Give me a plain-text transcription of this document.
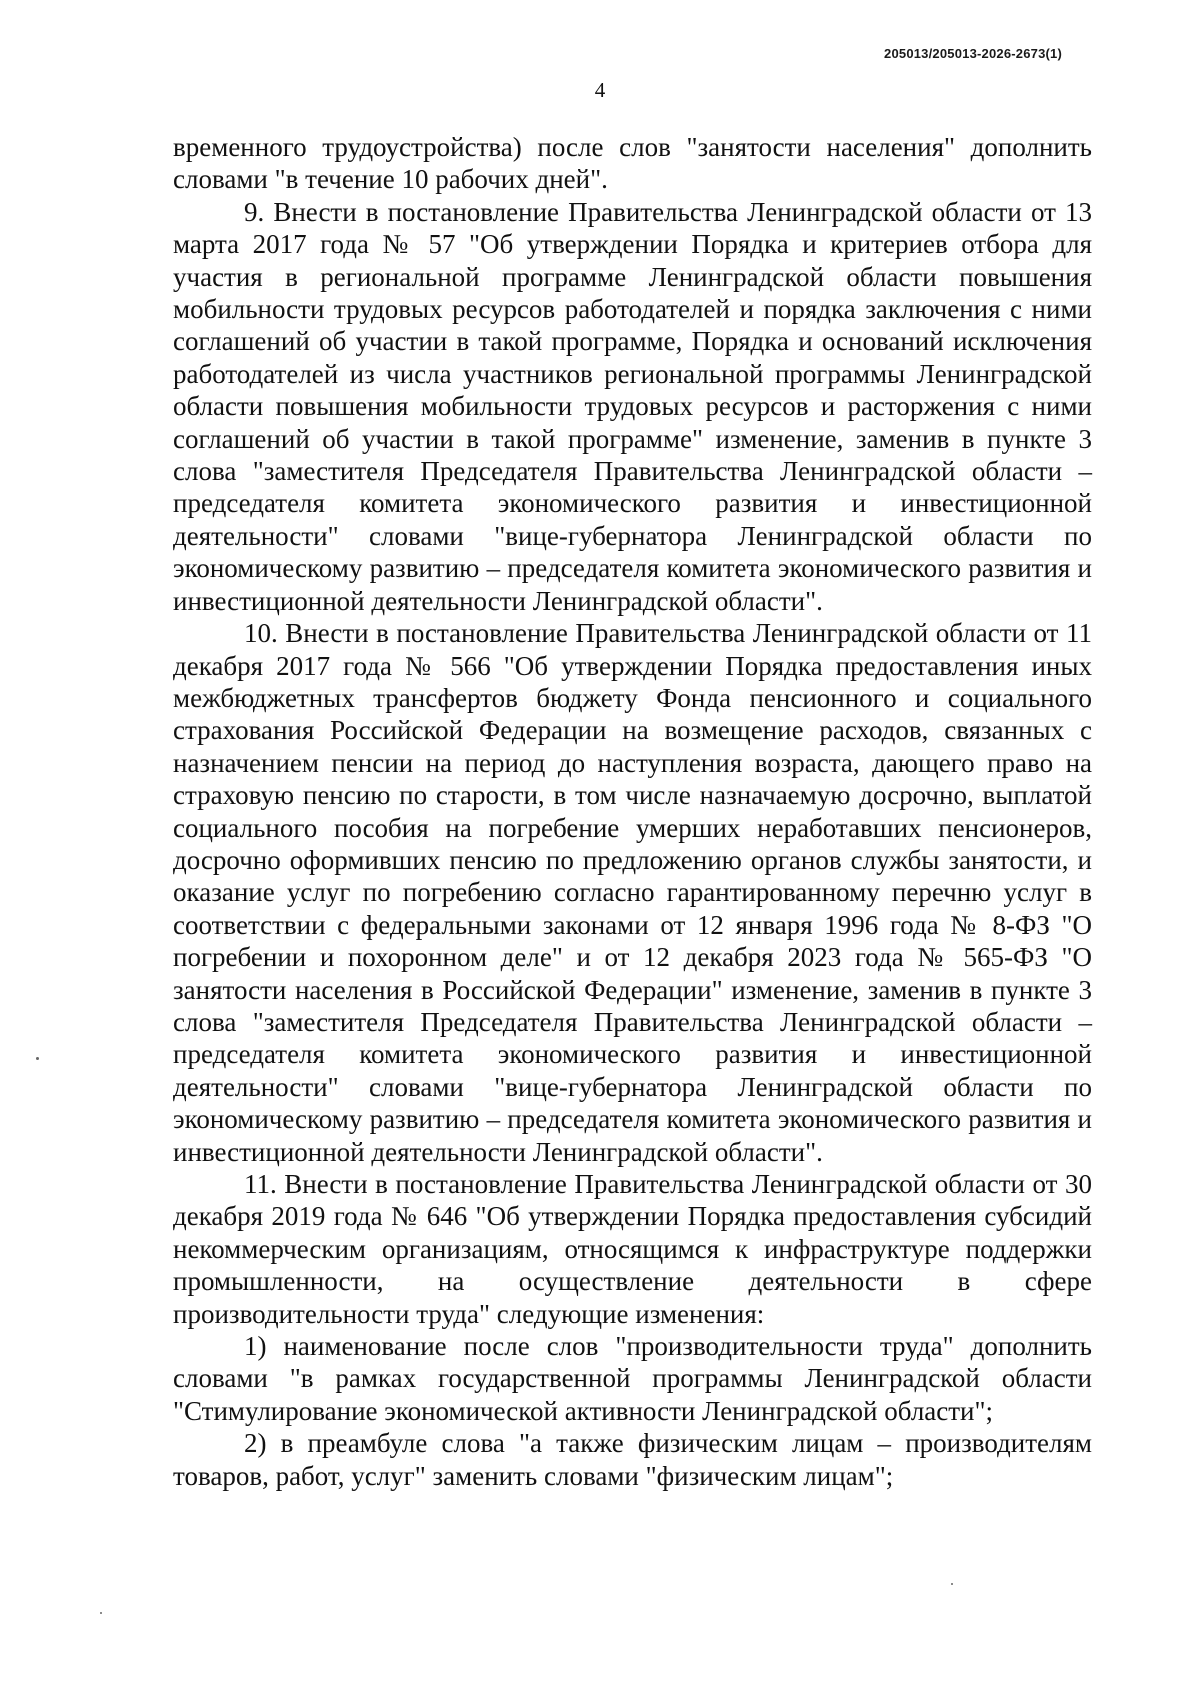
205013/205013-2026-2673(1)
4

временного трудоустройства) после слов "занятости населения" дополнить словами "в течение 10 рабочих дней".

9. Внести в постановление Правительства Ленинградской области от 13 марта 2017 года № 57 "Об утверждении Порядка и критериев отбора для участия в региональной программе Ленинградской области повышения мобильности трудовых ресурсов работодателей и порядка заключения с ними соглашений об участии в такой программе, Порядка и оснований исключения работодателей из числа участников региональной программы Ленинградской области повышения мобильности трудовых ресурсов и расторжения с ними соглашений об участии в такой программе" изменение, заменив в пункте 3 слова "заместителя Председателя Правительства Ленинградской области – председателя комитета экономического развития и инвестиционной деятельности" словами "вице-губернатора Ленинградской области по экономическому развитию – председателя комитета экономического развития и инвестиционной деятельности Ленинградской области".

10. Внести в постановление Правительства Ленинградской области от 11 декабря 2017 года № 566 "Об утверждении Порядка предоставления иных межбюджетных трансфертов бюджету Фонда пенсионного и социального страхования Российской Федерации на возмещение расходов, связанных с назначением пенсии на период до наступления возраста, дающего право на страховую пенсию по старости, в том числе назначаемую досрочно, выплатой социального пособия на погребение умерших неработавших пенсионеров, досрочно оформивших пенсию по предложению органов службы занятости, и оказание услуг по погребению согласно гарантированному перечню услуг в соответствии с федеральными законами от 12 января 1996 года № 8-ФЗ "О погребении и похоронном деле" и от 12 декабря 2023 года № 565-ФЗ "О занятости населения в Российской Федерации" изменение, заменив в пункте 3 слова "заместителя Председателя Правительства Ленинградской области – председателя комитета экономического развития и инвестиционной деятельности" словами "вице-губернатора Ленинградской области по экономическому развитию – председателя комитета экономического развития и инвестиционной деятельности Ленинградской области".

11. Внести в постановление Правительства Ленинградской области от 30 декабря 2019 года № 646 "Об утверждении Порядка предоставления субсидий некоммерческим организациям, относящимся к инфраструктуре поддержки промышленности, на осуществление деятельности в сфере производительности труда" следующие изменения:

1) наименование после слов "производительности труда" дополнить словами "в рамках государственной программы Ленинградской области "Стимулирование экономической активности Ленинградской области";

2) в преамбуле слова "а также физическим лицам – производителям товаров, работ, услуг" заменить словами "физическим лицам";
